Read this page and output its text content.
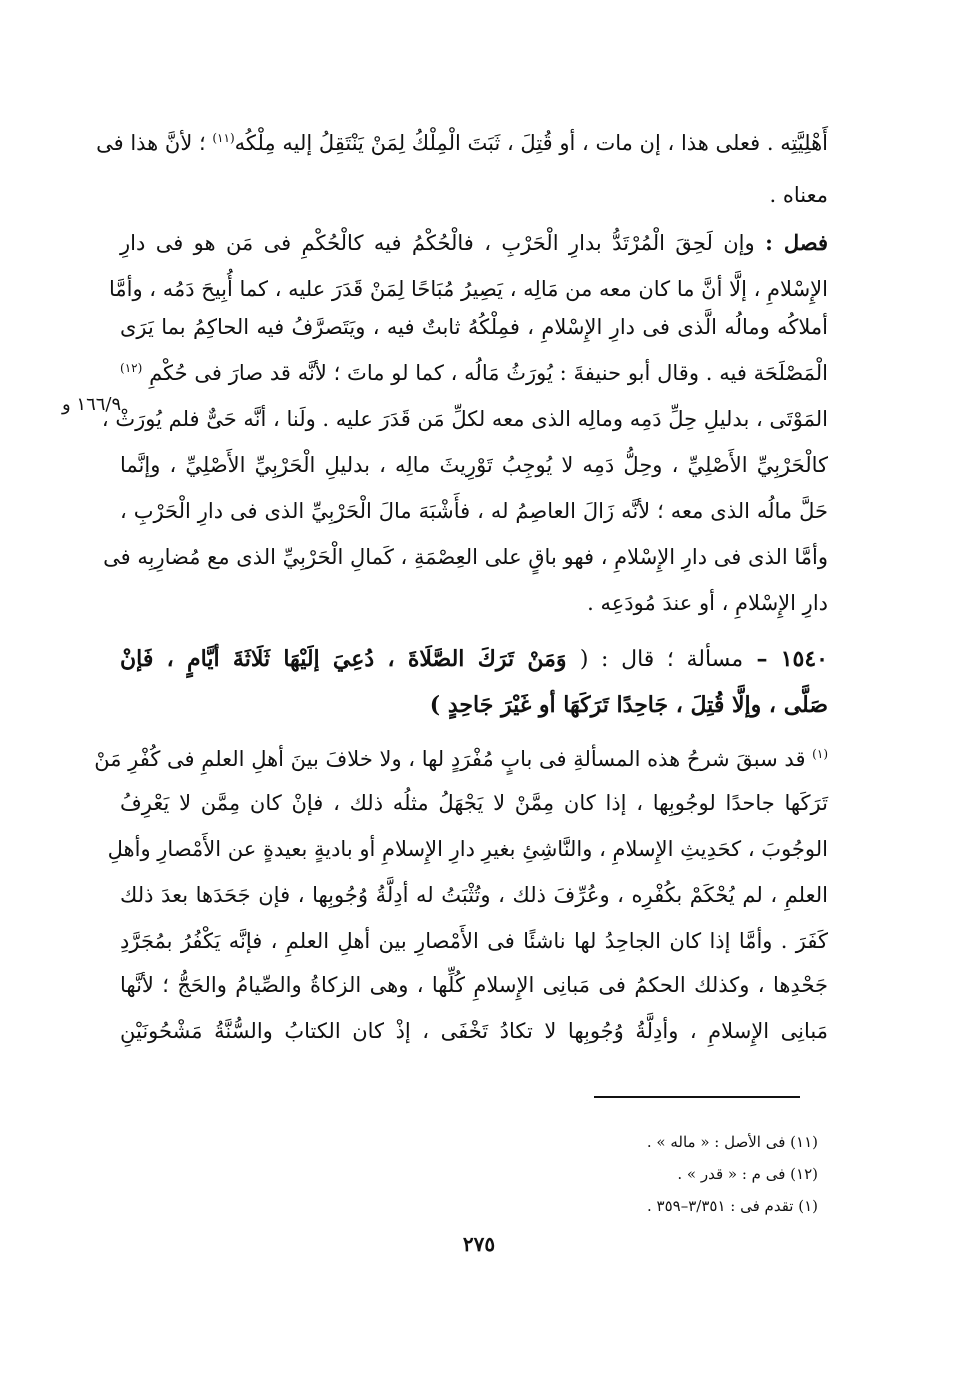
أَهْلِيَّتِه . فعلى هذا ، إن مات ، أو قُتِلَ ، ثَبَتَ الْمِلْكُ لِمَنْ يَنْتَقِلُ إليه مِلْكُه$^{(١١)}$ ؛ لأنَّ هذا فى
معناه .
فصل : وإن لَحِقَ الْمُرْتَدُّ بدارِ الْحَرْبِ ، فالْحُكْمُ فيه كالْحُكْمِ فى مَن هو فى دارِ
الإِسْلامِ ، إلَّا أنَّ ما كان معه من مَالِه ، يَصِيرُ مُبَاحًا لِمَنْ قَدَرَ عليه ، كما أُبِيحَ دَمُه ، وأمَّا
أملاكُه ومالُه الَّذى فى دارِ الإِسْلامِ ، فمِلْكُهُ ثابتٌ فيه ، ويَتَصرَّفُ فيه الحاكِمُ بما يَرَى
الْمَصْلَحَة فيه . وقال أبو حنيفةَ : يُورَثُ مَالُه ، كما لو ماتَ ؛ لأنَّه قد صارَ فى حُكْمِ $^{(١٢)}$
المَوْتَى ، بدليلِ حِلِّ دَمِه ومالِه الذى معه لكلِّ مَن قَدَرَ عليه . ولَنا ، أنَّه حَىٌّ فلم يُورَثْ ،
كالْحَرْبِيِّ الأَصْلِيِّ ، وحِلُّ دَمِه لا يُوجِبُ تَوْرِيثَ مالِه ، بدليلِ الْحَرْبِيِّ الأَصْلِيِّ ، وإنَّما
حَلَّ مالُه الذى معه ؛ لأنَّه زَالَ العاصِمُ له ، فأَشْبَهَ مالَ الْحَرْبِيِّ الذى فى دارِ الْحَرْبِ ،
وأمَّا الذى فى دارِ الإِسْلامِ ، فهو باقٍ على العِصْمَةِ ، كَمالِ الْحَرْبِيِّ الذى مع مُضارِبِه فى
دارِ الإِسْلامِ ، أو عندَ مُودَعِه .
١٥٤٠ – مسألة ؛ قال : ( وَمَنْ تَرَكَ الصَّلَاةَ ، دُعِيَ إلَيْهَا ثَلَاثَةَ أيَّامٍ ، فَإنْ
صَلَّى ، وإلَّا قُتِلَ ، جَاحِدًا تَرَكَهَا أو غَيْرَ جَاحِدٍ )
$^{(١)}$ قد سبقَ شرحُ هذه المسألةِ فى بابٍ مُفْرَدٍ لها ، ولا خلافَ بينَ أهلِ العلمِ فى كُفْرِ مَنْ
تَرَكَها جاحدًا لوجُوبِها ، إذا كان مِمَّنْ لا يَجْهَلُ مثلُه ذلك ، فإنْ كان مِمَّن لا يَعْرِفُ
الوجُوبَ ، كحَدِيثِ الإِسلامِ ، والنَّاشِئِ بغيرِ دارِ الإِسلامِ أو باديةٍ بعيدةٍ عن الأَمْصارِ وأهلِ
العلمِ ، لم يُحْكَمْ بكُفْرِه ، وعُرِّفَ ذلك ، وتُثْبَتُ له أدِلَّةُ وُجُوبِها ، فإن جَحَدَها بعدَ ذلك
كَفَرَ . وأمَّا إذا كان الجاحِدُ لها ناشئًا فى الأَمْصارِ بين أهلِ العلمِ ، فإنَّه يَكْفُرُ بمُجَرَّدِ
جَحْدِها ، وكذلك الحكمُ فى مَبانِى الإِسلامِ كُلِّها ، وهى الزكاةُ والصِّيامُ والحَجُّ ؛ لأنَّها
مَبانِى الإِسلامِ ، وأدِلَّةُ وُجُوبِها لا تكادُ تَخْفَى ، إذْ كان الكتابُ والسُّنَّةُ مَشْحُونَيْنِ
١٦٦/٩ و
(١١) فى الأصل : « ماله » .
(١٢) فى م : « قدر » .
(١) تقدم فى : ٣/٣٥١–٣٥٩ .
٢٧٥
